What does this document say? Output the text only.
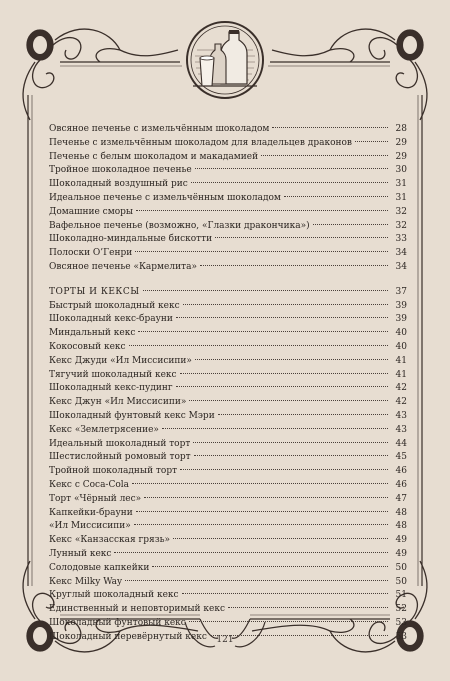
Овсяное печенье с измельчённым шоколадом	28
Печенье с измельчённым шоколадом для владельцев драконов	29
Печенье с белым шоколадом и макадамией	29
Тройное шоколадное печенье	30
Шоколадный воздушный рис	31
Идеальное печенье с измельчённым шоколадом	31
Домашние сморы	32
Вафельное печенье (возможно, «Глазки дракончика»)	32
Шоколадно-миндальные бискотти	33
Полоски О’Генри	34
Овсяное печенье «Кармелита»	34
ТОРТЫ И КЕКСЫ	37
Быстрый шоколадный кекс	39
Шоколадный кекс-брауни	39
Миндальный кекс	40
Кокосовый кекс	40
Кекс Джуди «Ил Миссисипи»	41
Тягучий шоколадный кекс	41
Шоколадный кекс-пудинг	42
Кекс Джун «Ил Миссисипи»	42
Шоколадный фунтовый кекс Мэри	43
Кекс «Землетрясение»	43
Идеальный шоколадный торт	44
Шестислойный ромовый торт	45
Тройной шоколадный торт	46
Кекс с Coca-Cola	46
Торт «Чёрный лес»	47
Капкейки-брауни	48
«Ил Миссисипи»	48
Кекс «Канзасская грязь»	49
Лунный кекс	49
Солодовые капкейки	50
Кекс Milky Way	50
Круглый шоколадный кекс	51
Единственный и неповторимый кекс	52
Шоколадный фунтовый кекс	53
Шоколадный перевёрнутый кекс	53
121
